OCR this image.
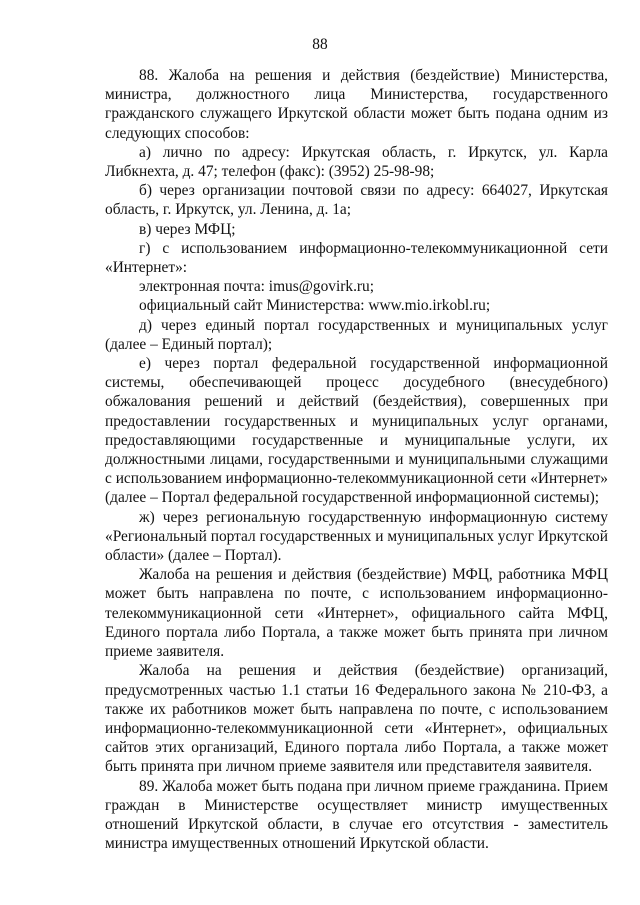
88

88. Жалоба на решения и действия (бездействие) Министерства, министра, должностного лица Министерства, государственного гражданского служащего Иркутской области может быть подана одним из следующих способов:

а) лично по адресу: Иркутская область, г. Иркутск, ул. Карла Либкнехта, д. 47; телефон (факс): (3952) 25-98-98;

б) через организации почтовой связи по адресу: 664027, Иркутская область, г. Иркутск, ул. Ленина, д. 1а;

в) через МФЦ;

г) с использованием информационно-телекоммуникационной сети «Интернет»:

электронная почта: imus@govirk.ru;

официальный сайт Министерства: www.mio.irkobl.ru;

д) через единый портал государственных и муниципальных услуг (далее – Единый портал);

е) через портал федеральной государственной информационной системы, обеспечивающей процесс досудебного (внесудебного) обжалования решений и действий (бездействия), совершенных при предоставлении государственных и муниципальных услуг органами, предоставляющими государственные и муниципальные услуги, их должностными лицами, государственными и муниципальными служащими с использованием информационно-телекоммуникационной сети «Интернет» (далее – Портал федеральной государственной информационной системы);

ж) через региональную государственную информационную систему «Региональный портал государственных и муниципальных услуг Иркутской области» (далее – Портал).

Жалоба на решения и действия (бездействие) МФЦ, работника МФЦ может быть направлена по почте, с использованием информационно-телекоммуникационной сети «Интернет», официального сайта МФЦ, Единого портала либо Портала, а также может быть принята при личном приеме заявителя.

Жалоба на решения и действия (бездействие) организаций, предусмотренных частью 1.1 статьи 16 Федерального закона № 210-ФЗ, а также их работников может быть направлена по почте, с использованием информационно-телекоммуникационной сети «Интернет», официальных сайтов этих организаций, Единого портала либо Портала, а также может быть принята при личном приеме заявителя или представителя заявителя.

89. Жалоба может быть подана при личном приеме гражданина. Прием граждан в Министерстве осуществляет министр имущественных отношений Иркутской области, в случае его отсутствия - заместитель министра имущественных отношений Иркутской области.
